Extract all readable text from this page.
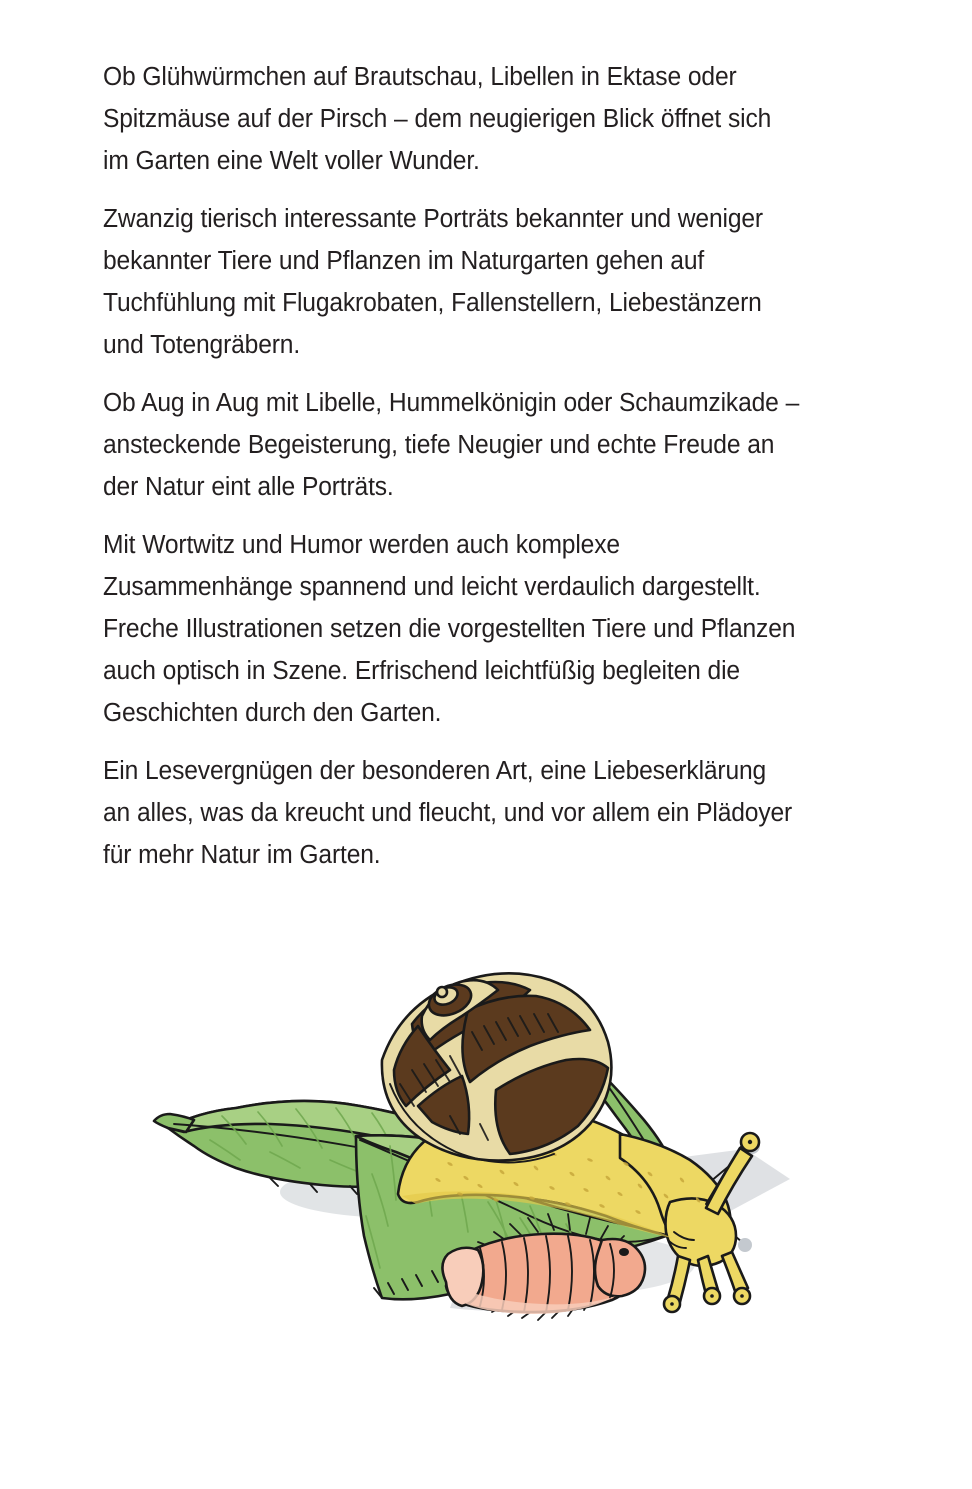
Ob Glühwürmchen auf Brautschau, Libellen in Ektase oder Spitzmäuse auf der Pirsch – dem neugierigen Blick öffnet sich im Garten eine Welt voller Wunder.

Zwanzig tierisch interessante Porträts bekannter und weniger bekannter Tiere und Pflanzen im Naturgarten gehen auf Tuchfühlung mit Flugakrobaten, Fallenstellern, Liebestänzern und Totengräbern.

Ob Aug in Aug mit Libelle, Hummelkönigin oder Schaumzikade – ansteckende Begeisterung, tiefe Neugier und echte Freude an der Natur eint alle Porträts.

Mit Wortwitz und Humor werden auch komplexe Zusammenhänge spannend und leicht verdaulich dargestellt. Freche Illustrationen setzen die vorgestellten Tiere und Pflanzen auch optisch in Szene. Erfrischend leichtfüßig begleiten die Geschichten durch den Garten.

Ein Lesevergnügen der besonderen Art, eine Liebeserklärung an alles, was da kreucht und fleucht, und vor allem ein Plädoyer für mehr Natur im Garten.
